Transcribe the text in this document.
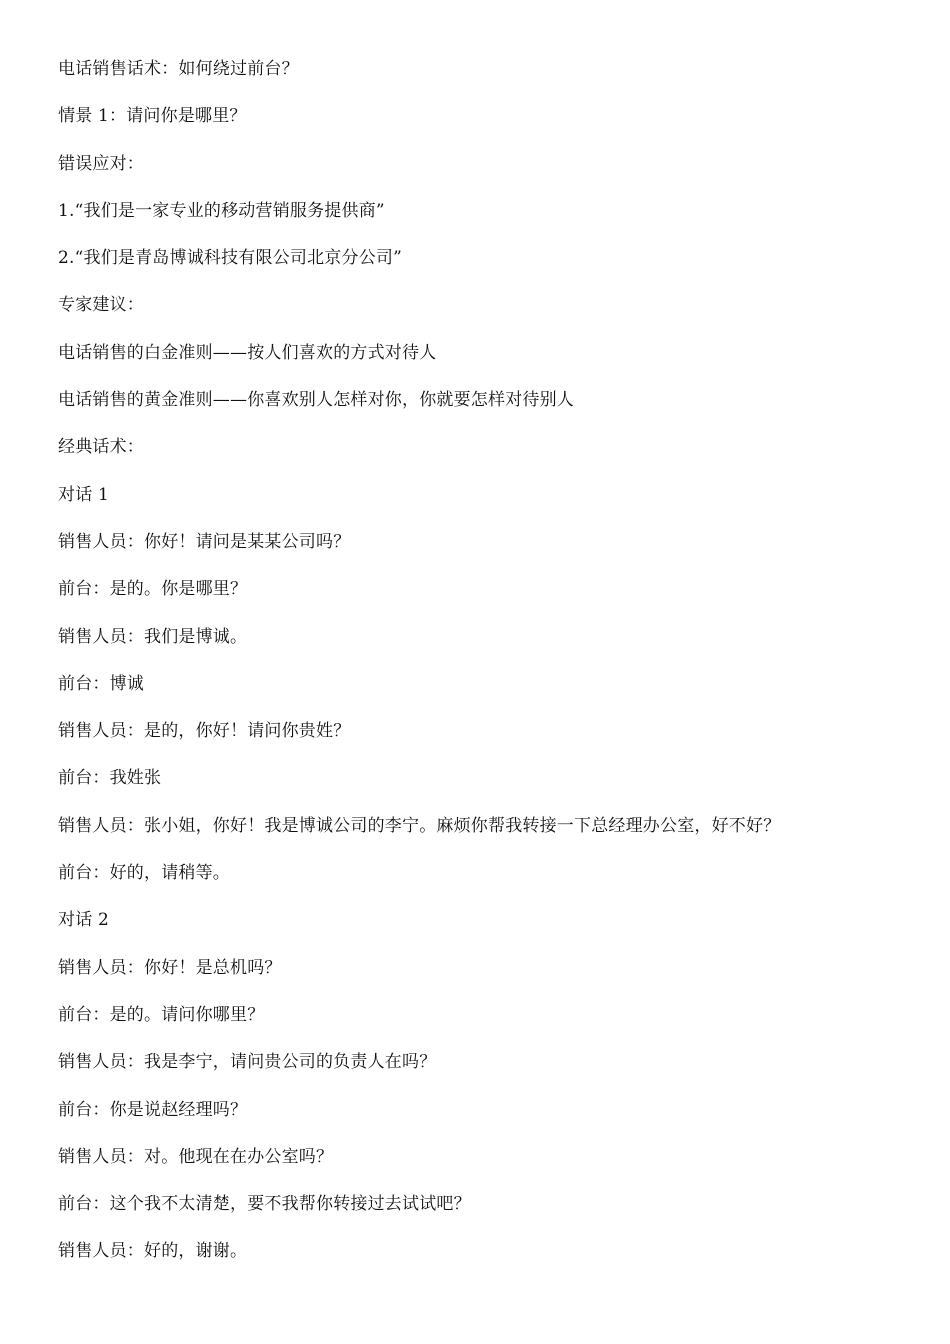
电话销售话术：如何绕过前台？
情景 1：请问你是哪里？
错误应对：
1.“我们是一家专业的移动营销服务提供商”
2.“我们是青岛博诚科技有限公司北京分公司”
专家建议：
电话销售的白金准则——按人们喜欢的方式对待人
电话销售的黄金准则——你喜欢别人怎样对你，你就要怎样对待别人
经典话术：
对话 1
销售人员：你好！请问是某某公司吗？
前台：是的。你是哪里？
销售人员：我们是博诚。
前台：博诚
销售人员：是的，你好！请问你贵姓？
前台：我姓张
销售人员：张小姐，你好！我是博诚公司的李宁。麻烦你帮我转接一下总经理办公室，好不好？
前台：好的，请稍等。
对话 2
销售人员：你好！是总机吗？
前台：是的。请问你哪里？
销售人员：我是李宁，请问贵公司的负责人在吗？
前台：你是说赵经理吗？
销售人员：对。他现在在办公室吗？
前台：这个我不太清楚，要不我帮你转接过去试试吧？
销售人员：好的，谢谢。
